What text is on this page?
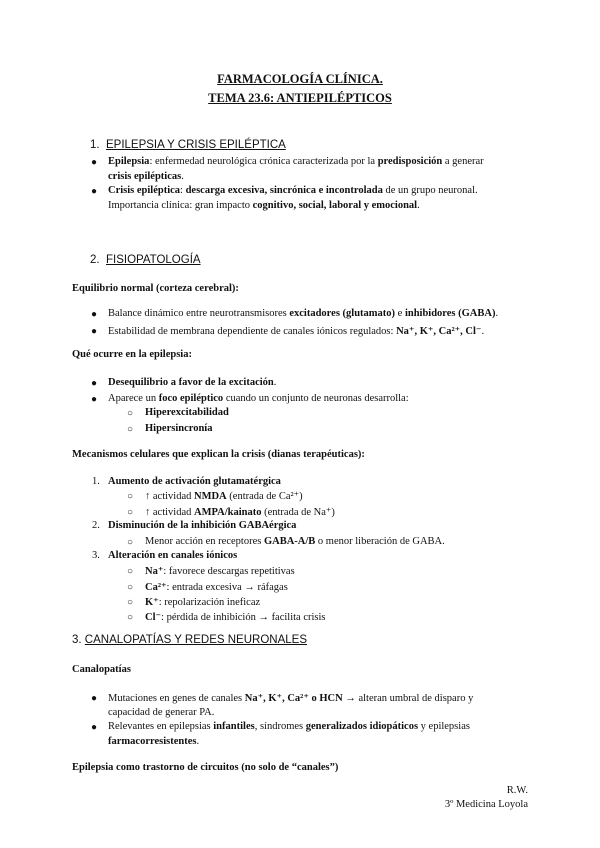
FARMACOLOGÍA CLÍNICA.
TEMA 23.6: ANTIEPILÉPTICOS
1. EPILEPSIA Y CRISIS EPILÉPTICA
● Epilepsia: enfermedad neurológica crónica caracterizada por la predisposición a generar
crisis epilépticas.
● Crisis epiléptica: descarga excesiva, sincrónica e incontrolada de un grupo neuronal.
Importancia clínica: gran impacto cognitivo, social, laboral y emocional.
2. FISIOPATOLOGÍA
Equilibrio normal (corteza cerebral):
● Balance dinámico entre neurotransmisores excitadores (glutamato) e inhibidores (GABA).
● Estabilidad de membrana dependiente de canales iónicos regulados: Na⁺, K⁺, Ca²⁺, Cl⁻.
Qué ocurre en la epilepsia:
● Desequilibrio a favor de la excitación.
● Aparece un foco epiléptico cuando un conjunto de neuronas desarrolla:
○ Hiperexcitabilidad
○ Hipersincronía
Mecanismos celulares que explican la crisis (dianas terapéuticas):
1. Aumento de activación glutamatérgica
○ ↑ actividad NMDA (entrada de Ca²⁺)
○ ↑ actividad AMPA/kainato (entrada de Na⁺)
2. Disminución de la inhibición GABAérgica
○ Menor acción en receptores GABA-A/B o menor liberación de GABA.
3. Alteración en canales iónicos
○ Na⁺: favorece descargas repetitivas
○ Ca²⁺: entrada excesiva → ráfagas
○ K⁺: repolarización ineficaz
○ Cl⁻: pérdida de inhibición → facilita crisis
3. CANALOPATÍAS Y REDES NEURONALES
Canalopatías
● Mutaciones en genes de canales Na⁺, K⁺, Ca²⁺ o HCN → alteran umbral de disparo y
capacidad de generar PA.
● Relevantes en epilepsias infantiles, síndromes generalizados idiopáticos y epilepsias
farmacorresistentes.
Epilepsia como trastorno de circuitos (no solo de “canales”)
R.W.
3º Medicina Loyola
